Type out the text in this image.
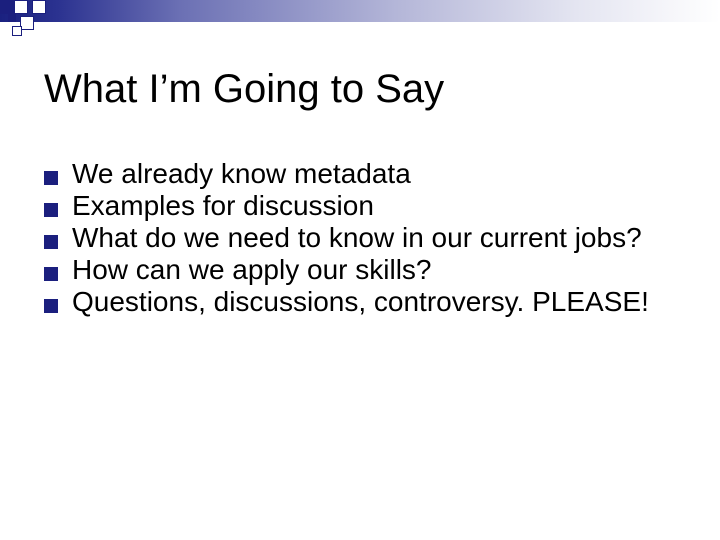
What I’m Going to Say
We already know metadata
Examples for discussion
What do we need to know in our current jobs?
How can we apply our skills?
Questions, discussions, controversy. PLEASE!
